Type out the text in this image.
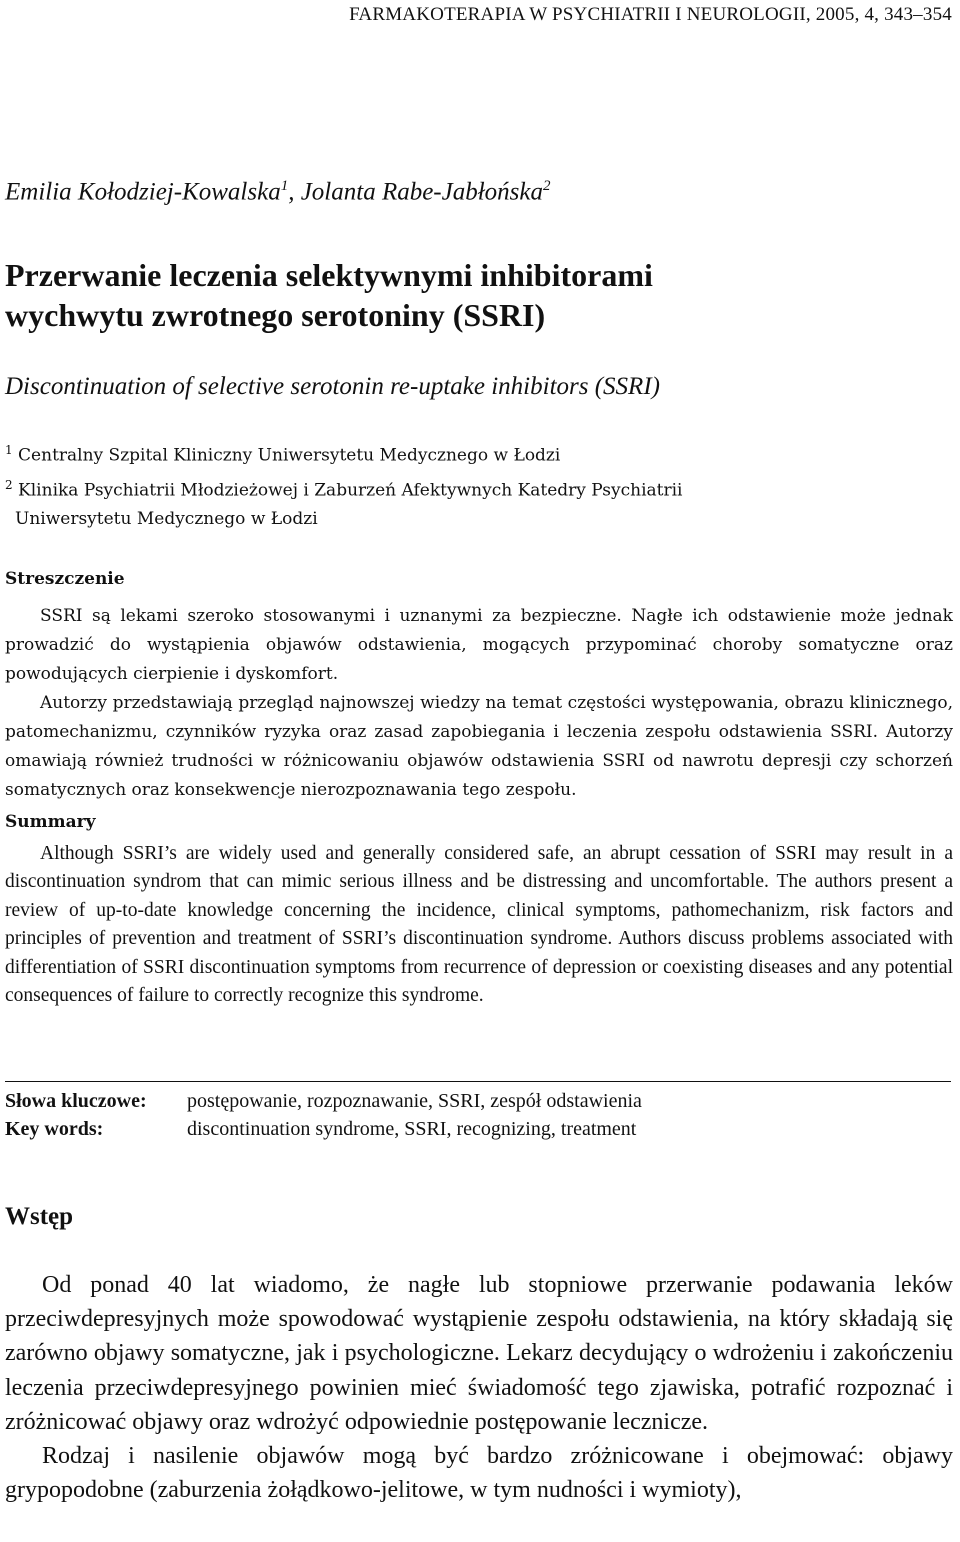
FARMAKOTERAPIA W PSYCHIATRII I NEUROLOGII, 2005, 4, 343–354
Emilia Kołodziej-Kowalska$^1$, Jolanta Rabe-Jabłońska$^2$
Przerwanie leczenia selektywnymi inhibitorami
wychwytu zwrotnego serotoniny (SSRI)
Discontinuation of selective serotonin re-uptake inhibitors (SSRI)
$^1$ Centralny Szpital Kliniczny Uniwersytetu Medycznego w Łodzi
$^2$ Klinika Psychiatrii Młodzieżowej i Zaburzeń Afektywnych Katedry Psychiatrii
Uniwersytetu Medycznego w Łodzi
Streszczenie

SSRI są lekami szeroko stosowanymi i uznanymi za bezpieczne. Nagłe ich odstawienie może jednak prowadzić do wystąpienia objawów odstawienia, mogących przypominać choroby somatyczne oraz powodujących cierpienie i dyskomfort.

Autorzy przedstawiają przegląd najnowszej wiedzy na temat częstości występowania, obrazu klinicznego, patomechanizmu, czynników ryzyka oraz zasad zapobiegania i leczenia zespołu odstawienia SSRI. Autorzy omawiają również trudności w różnicowaniu objawów odstawienia SSRI od nawrotu depresji czy schorzeń somatycznych oraz konsekwencje nierozpoznawania tego zespołu.

Summary

Although SSRI’s are widely used and generally considered safe, an abrupt cessation of SSRI may result in a discontinuation syndrom that can mimic serious illness and be distressing and uncomfortable. The authors present a review of up-to-date knowledge concerning the incidence, clinical symptoms, pathomechanizm, risk factors and principles of prevention and treatment of SSRI’s discontinuation syndrome. Authors discuss problems associated with differentiation of SSRI discontinuation symptoms from recurrence of depression or coexisting diseases and any potential consequences of failure to correctly recognize this syndrome.

Słowa kluczowe:	postępowanie, rozpoznawanie, SSRI, zespół odstawienia
Key words:	discontinuation syndrome, SSRI, recognizing, treatment
Wstęp

Od ponad 40 lat wiadomo, że nagłe lub stopniowe przerwanie podawania leków przeciwdepresyjnych może spowodować wystąpienie zespołu odstawienia, na który składają się zarówno objawy somatyczne, jak i psychologiczne. Lekarz decydujący o wdrożeniu i zakończeniu leczenia przeciwdepresyjnego powinien mieć świadomość tego zjawiska, potrafić rozpoznać i zróżnicować objawy oraz wdrożyć odpowiednie postępowanie lecznicze.

Rodzaj i nasilenie objawów mogą być bardzo zróżnicowane i obejmować: objawy grypopodobne (zaburzenia żołądkowo-jelitowe, w tym nudności i wymioty),
